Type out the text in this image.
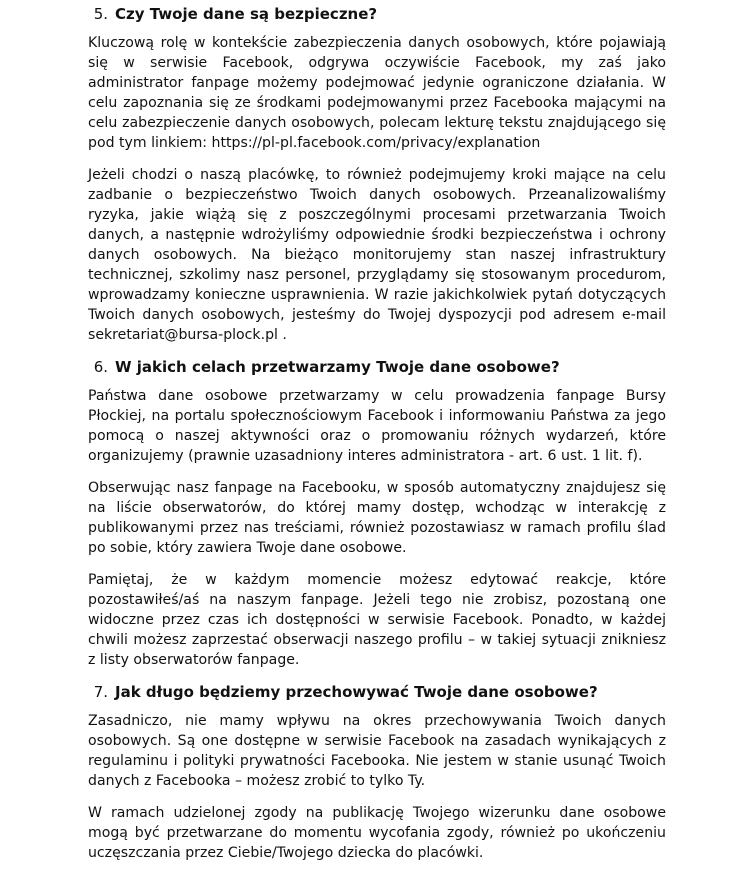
5. Czy Twoje dane są bezpieczne?

Kluczową rolę w kontekście zabezpieczenia danych osobowych, które pojawiają się w serwisie Facebook, odgrywa oczywiście Facebook, my zaś jako administrator fanpage możemy podejmować jedynie ograniczone działania. W celu zapoznania się ze środkami podejmowanymi przez Facebooka mającymi na celu zabezpieczenie danych osobowych, polecam lekturę tekstu znajdującego się pod tym linkiem: https://pl-pl.facebook.com/privacy/explanation

Jeżeli chodzi o naszą placówkę, to również podejmujemy kroki mające na celu zadbanie o bezpieczeństwo Twoich danych osobowych. Przeanalizowaliśmy ryzyka, jakie wiążą się z poszczególnymi procesami przetwarzania Twoich danych, a następnie wdrożyliśmy odpowiednie środki bezpieczeństwa i ochrony danych osobowych. Na bieżąco monitorujemy stan naszej infrastruktury technicznej, szkolimy nasz personel, przyglądamy się stosowanym procedurom, wprowadzamy konieczne usprawnienia. W razie jakichkolwiek pytań dotyczących Twoich danych osobowych, jesteśmy do Twojej dyspozycji pod adresem e-mail sekretariat@bursa-plock.pl .

6. W jakich celach przetwarzamy Twoje dane osobowe?

Państwa dane osobowe przetwarzamy w celu prowadzenia fanpage Bursy Płockiej, na portalu społecznościowym Facebook i informowaniu Państwa za jego pomocą o naszej aktywności oraz o promowaniu różnych wydarzeń, które organizujemy (prawnie uzasadniony interes administratora - art. 6 ust. 1 lit. f).

Obserwując nasz fanpage na Facebooku, w sposób automatyczny znajdujesz się na liście obserwatorów, do której mamy dostęp, wchodząc w interakcję z publikowanymi przez nas treściami, również pozostawiasz w ramach profilu ślad po sobie, który zawiera Twoje dane osobowe.

Pamiętaj, że w każdym momencie możesz edytować reakcje, które pozostawiłeś/aś na naszym fanpage. Jeżeli tego nie zrobisz, pozostaną one widoczne przez czas ich dostępności w serwisie Facebook. Ponadto, w każdej chwili możesz zaprzestać obserwacji naszego profilu – w takiej sytuacji znikniesz z listy obserwatorów fanpage.

7. Jak długo będziemy przechowywać Twoje dane osobowe?

Zasadniczo, nie mamy wpływu na okres przechowywania Twoich danych osobowych. Są one dostępne w serwisie Facebook na zasadach wynikających z regulaminu i polityki prywatności Facebooka. Nie jestem w stanie usunąć Twoich danych z Facebooka – możesz zrobić to tylko Ty.

W ramach udzielonej zgody na publikację Twojego wizerunku dane osobowe mogą być przetwarzane do momentu wycofania zgody, również po ukończeniu uczęszczania przez Ciebie/Twojego dziecka do placówki.
